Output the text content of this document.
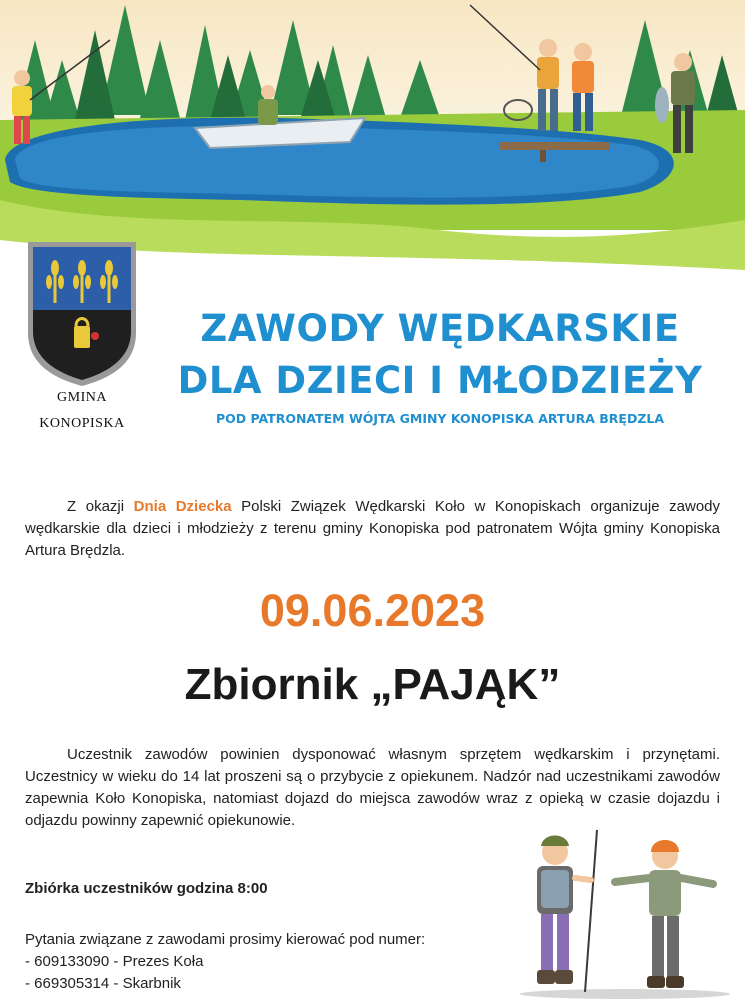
GMINA
KONOPISKA
ZAWODY WĘDKARSKIE
DLA DZIECI I MŁODZIEŻY
POD PATRONATEM WÓJTA GMINY KONOPISKA ARTURA BRĘDZLA

Z okazji Dnia Dziecka Polski Związek Wędkarski Koło w Konopiskach organizuje zawody wędkarskie dla dzieci i młodzieży z terenu gminy Konopiska pod patronatem Wójta gminy Konopiska Artura Brędzla.

09.06.2023
Zbiornik „PAJĄK”

Uczestnik zawodów powinien dysponować własnym sprzętem wędkarskim i przynętami. Uczestnicy w wieku do 14 lat proszeni są o przybycie z opiekunem. Nadzór nad uczestnikami zawodów zapewnia Koło Konopiska, natomiast dojazd do miejsca zawodów wraz z opieką w czasie dojazdu i odjazdu powinny zapewnić opiekunowie.

Zbiórka uczestników godzina 8:00
Pytania związane z zawodami prosimy kierować pod numer:
- 609133090 - Prezes Koła
- 669305314 - Skarbnik
